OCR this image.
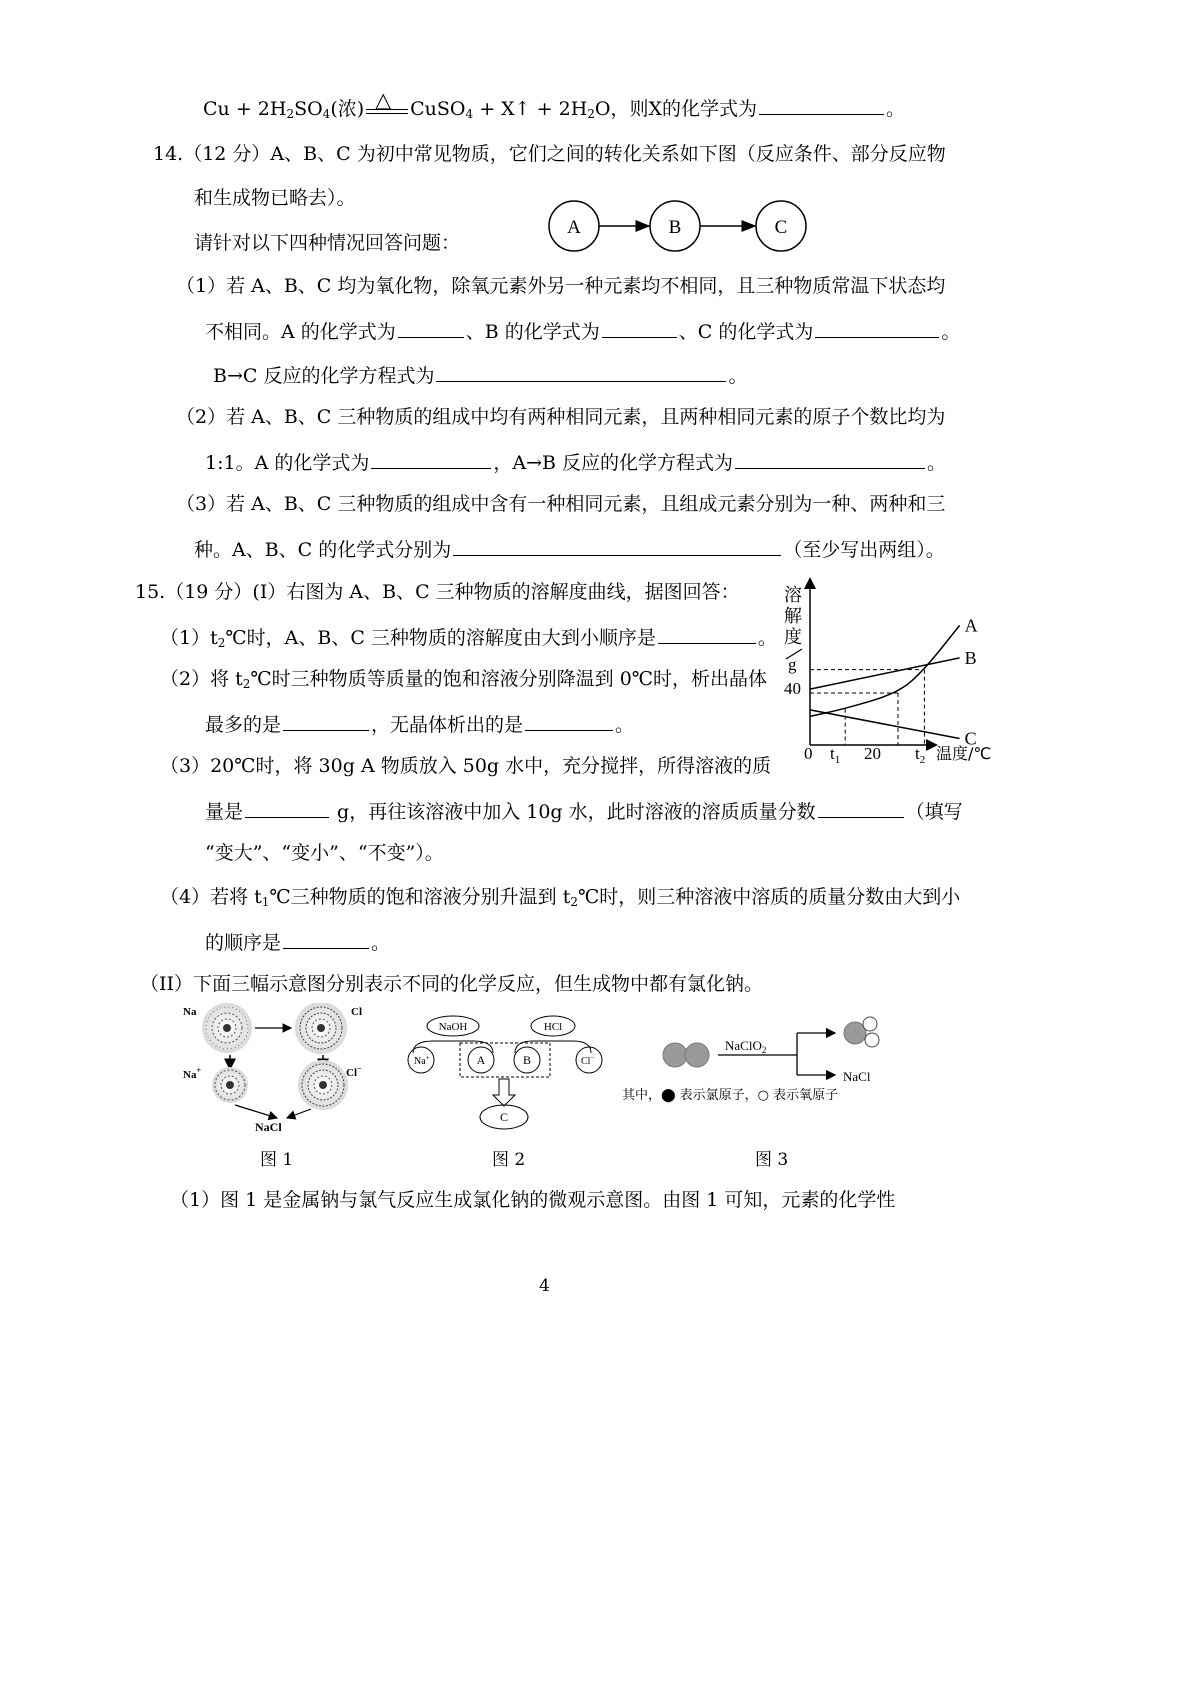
$Cu + 2H_2SO_4$(浓) △ CuSO$_4$ + X↑ + $2H_2O$，则X的化学式为	。
14.（12 分）A、B、C 为初中常见物质，它们之间的转化关系如下图（反应条件、部分反应物
和生成物已略去）。
请针对以下四种情况回答问题：
A	B	C
（1）若 A、B、C 均为氧化物，除氧元素外另一种元素均不相同，且三种物质常温下状态均
不相同。A 的化学式为	、B 的化学式为	、C 的化学式为	。
B→C 反应的化学方程式为	。
（2）若 A、B、C 三种物质的组成中均有两种相同元素，且两种相同元素的原子个数比均为
1:1。A 的化学式为	，A→B 反应的化学方程式为	。
（3）若 A、B、C 三种物质的组成中含有一种相同元素，且组成元素分别为一种、两种和三
种。A、B、C 的化学式分别为	（至少写出两组）。
15.（19 分）(I）右图为 A、B、C 三种物质的溶解度曲线，据图回答：
$(1)t_2℃$时，A、B、C 三种物质的溶解度由大到小顺序是	。
（2）将 $t_2℃$时三种物质等质量的饱和溶液分别降温到 0℃时，析出晶体
最多的是	，无晶体析出的是	。
（3）20℃时，将 30g A 物质放入 50g 水中，充分搅拌，所得溶液的质
量是	g，再往该溶液中加入 10g 水，此时溶液的溶质质量分数	（填写
“变大”、“变小”、“不变”）。
（4）若将 $t_1℃$三种物质的饱和溶液分别升温到 $t_2℃$时，则三种溶液中溶质的质量分数由大到小
的顺序是	。
（II）下面三幅示意图分别表示不同的化学反应，但生成物中都有氯化钠。
溶
解
度
g
40
0 $t_1$ 20 $t_2$ 温度/℃
A
B
C
Na	Cl
Na+	Cl−
NaCl
NaOH	HCl
Na+	A	B	Cl−
C
NaClO$_2$
NaCl
其中，⬤ 表示氯原子，○ 表示氧原子
图 1	图 2	图 3
（1）图 1 是金属钠与氯气反应生成氯化钠的微观示意图。由图 1 可知，元素的化学性
4
